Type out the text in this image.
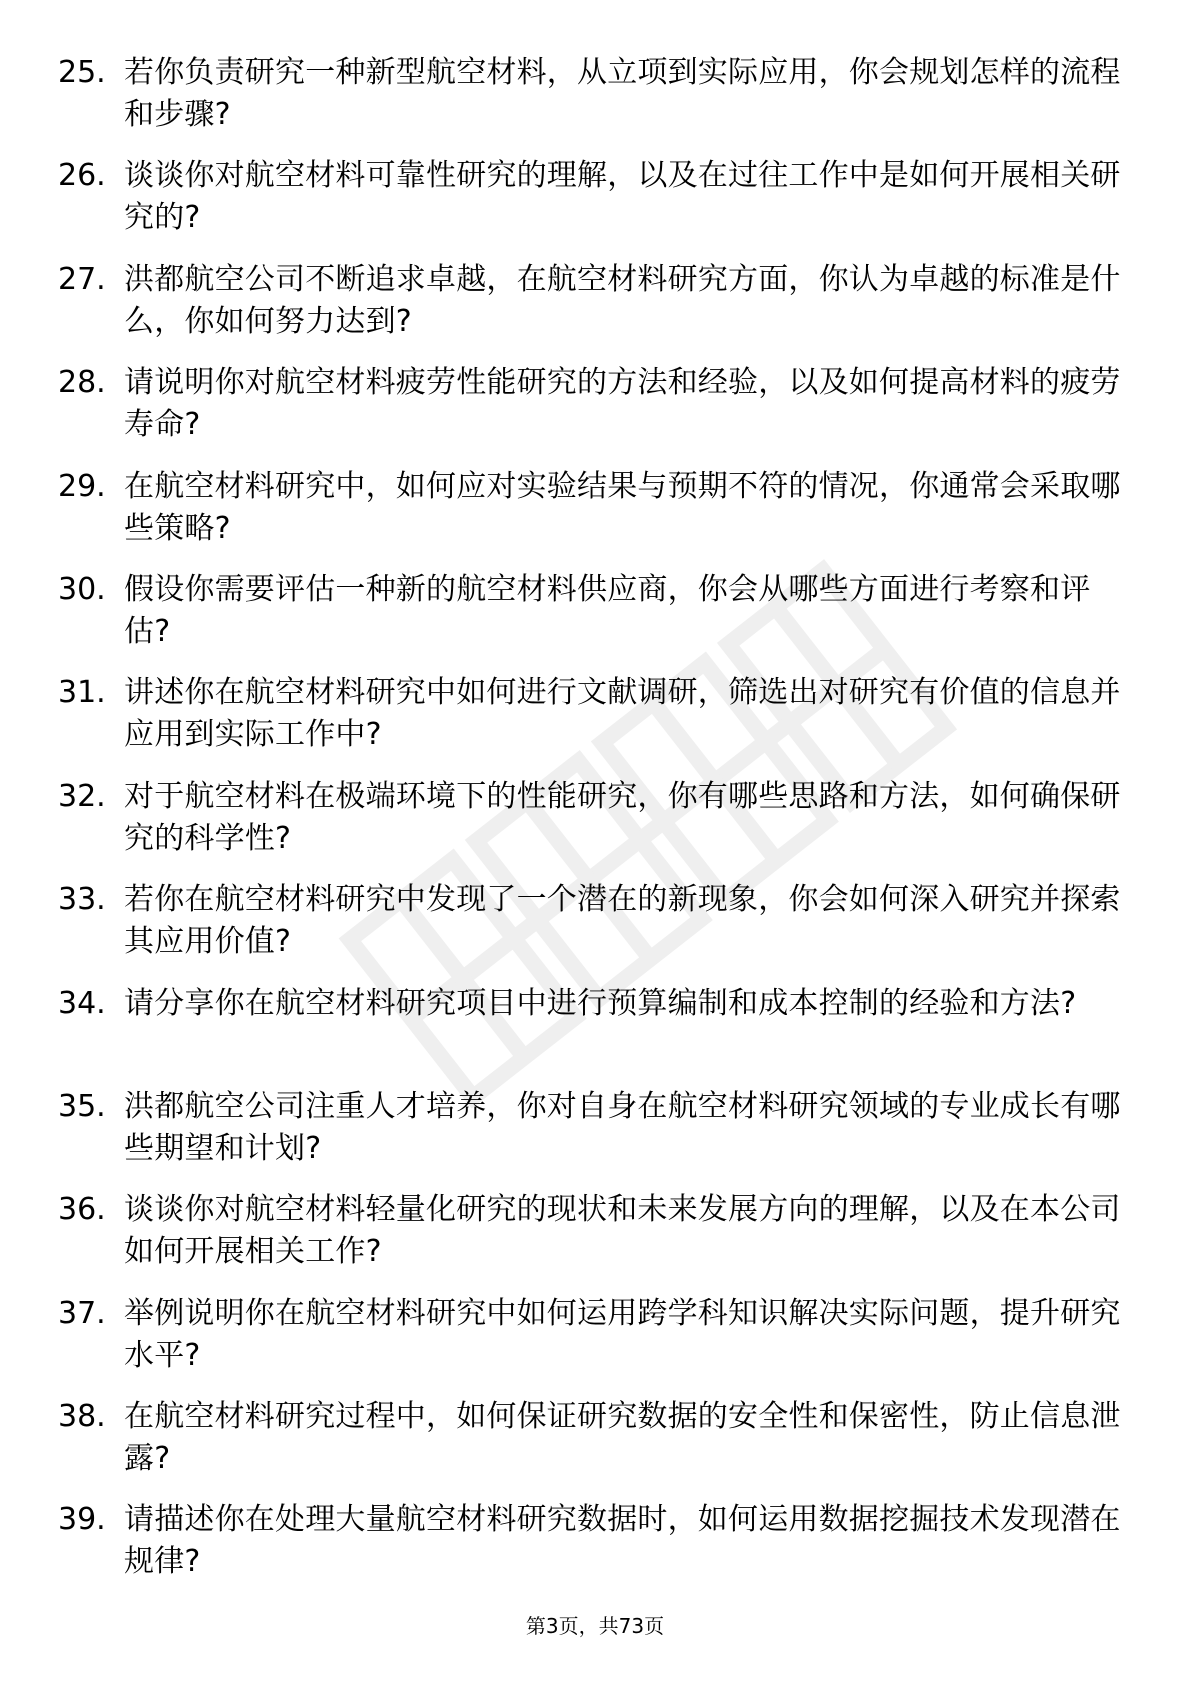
25. 若你负责研究一种新型航空材料，从立项到实际应用，你会规划怎样的流程和步骤?
26. 谈谈你对航空材料可靠性研究的理解，以及在过往工作中是如何开展相关研究的?
27. 洪都航空公司不断追求卓越，在航空材料研究方面，你认为卓越的标准是什么，你如何努力达到?
28. 请说明你对航空材料疲劳性能研究的方法和经验，以及如何提高材料的疲劳寿命?
29. 在航空材料研究中，如何应对实验结果与预期不符的情况，你通常会采取哪些策略?
30. 假设你需要评估一种新的航空材料供应商，你会从哪些方面进行考察和评估?
31. 讲述你在航空材料研究中如何进行文献调研，筛选出对研究有价值的信息并应用到实际工作中?
32. 对于航空材料在极端环境下的性能研究，你有哪些思路和方法，如何确保研究的科学性?
33. 若你在航空材料研究中发现了一个潜在的新现象，你会如何深入研究并探索其应用价值?
34. 请分享你在航空材料研究项目中进行预算编制和成本控制的经验和方法?
35. 洪都航空公司注重人才培养，你对自身在航空材料研究领域的专业成长有哪些期望和计划?
36. 谈谈你对航空材料轻量化研究的现状和未来发展方向的理解，以及在本公司如何开展相关工作?
37. 举例说明你在航空材料研究中如何运用跨学科知识解决实际问题，提升研究水平?
38. 在航空材料研究过程中，如何保证研究数据的安全性和保密性，防止信息泄露?
39. 请描述你在处理大量航空材料研究数据时，如何运用数据挖掘技术发现潜在规律?
第3页，共73页
